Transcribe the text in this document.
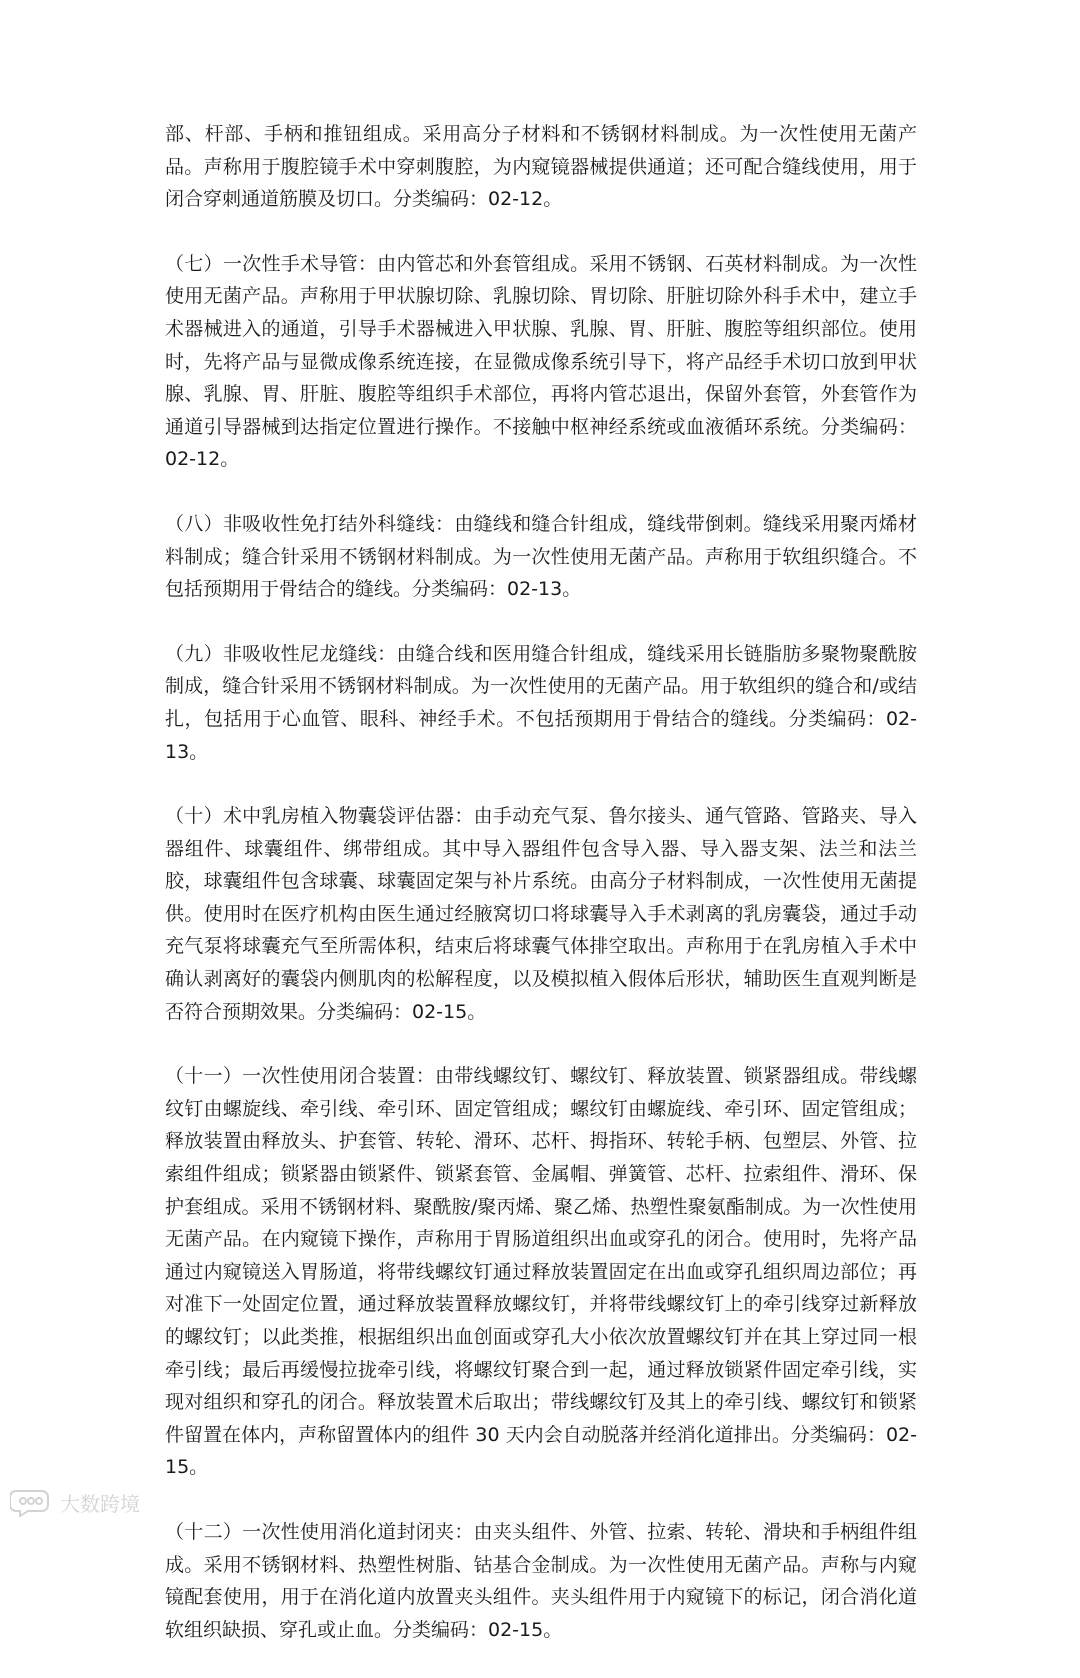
部、杆部、手柄和推钮组成。采用高分子材料和不锈钢材料制成。为一次性使用无菌产品。声称用于腹腔镜手术中穿刺腹腔，为内窥镜器械提供通道；还可配合缝线使用，用于闭合穿刺通道筋膜及切口。分类编码：02-12。

（七）一次性手术导管：由内管芯和外套管组成。采用不锈钢、石英材料制成。为一次性使用无菌产品。声称用于甲状腺切除、乳腺切除、胃切除、肝脏切除外科手术中，建立手术器械进入的通道，引导手术器械进入甲状腺、乳腺、胃、肝脏、腹腔等组织部位。使用时，先将产品与显微成像系统连接，在显微成像系统引导下，将产品经手术切口放到甲状腺、乳腺、胃、肝脏、腹腔等组织手术部位，再将内管芯退出，保留外套管，外套管作为通道引导器械到达指定位置进行操作。不接触中枢神经系统或血液循环系统。分类编码：02-12。

（八）非吸收性免打结外科缝线：由缝线和缝合针组成，缝线带倒刺。缝线采用聚丙烯材料制成；缝合针采用不锈钢材料制成。为一次性使用无菌产品。声称用于软组织缝合。不包括预期用于骨结合的缝线。分类编码：02-13。

（九）非吸收性尼龙缝线：由缝合线和医用缝合针组成，缝线采用长链脂肪多聚物聚酰胺制成，缝合针采用不锈钢材料制成。为一次性使用的无菌产品。用于软组织的缝合和/或结扎，包括用于心血管、眼科、神经手术。不包括预期用于骨结合的缝线。分类编码：02-13。

（十）术中乳房植入物囊袋评估器：由手动充气泵、鲁尔接头、通气管路、管路夹、导入器组件、球囊组件、绑带组成。其中导入器组件包含导入器、导入器支架、法兰和法兰胶，球囊组件包含球囊、球囊固定架与补片系统。由高分子材料制成，一次性使用无菌提供。使用时在医疗机构由医生通过经腋窝切口将球囊导入手术剥离的乳房囊袋，通过手动充气泵将球囊充气至所需体积，结束后将球囊气体排空取出。声称用于在乳房植入手术中确认剥离好的囊袋内侧肌肉的松解程度，以及模拟植入假体后形状，辅助医生直观判断是否符合预期效果。分类编码：02-15。

（十一）一次性使用闭合装置：由带线螺纹钉、螺纹钉、释放装置、锁紧器组成。带线螺纹钉由螺旋线、牵引线、牵引环、固定管组成；螺纹钉由螺旋线、牵引环、固定管组成；释放装置由释放头、护套管、转轮、滑环、芯杆、拇指环、转轮手柄、包塑层、外管、拉索组件组成；锁紧器由锁紧件、锁紧套管、金属帽、弹簧管、芯杆、拉索组件、滑环、保护套组成。采用不锈钢材料、聚酰胺/聚丙烯、聚乙烯、热塑性聚氨酯制成。为一次性使用无菌产品。在内窥镜下操作，声称用于胃肠道组织出血或穿孔的闭合。使用时，先将产品通过内窥镜送入胃肠道，将带线螺纹钉通过释放装置固定在出血或穿孔组织周边部位；再对准下一处固定位置，通过释放装置释放螺纹钉，并将带线螺纹钉上的牵引线穿过新释放的螺纹钉；以此类推，根据组织出血创面或穿孔大小依次放置螺纹钉并在其上穿过同一根牵引线；最后再缓慢拉拢牵引线，将螺纹钉聚合到一起，通过释放锁紧件固定牵引线，实现对组织和穿孔的闭合。释放装置术后取出；带线螺纹钉及其上的牵引线、螺纹钉和锁紧件留置在体内，声称留置体内的组件 30 天内会自动脱落并经消化道排出。分类编码：02-15。

（十二）一次性使用消化道封闭夹：由夹头组件、外管、拉索、转轮、滑块和手柄组件组成。采用不锈钢材料、热塑性树脂、钴基合金制成。为一次性使用无菌产品。声称与内窥镜配套使用，用于在消化道内放置夹头组件。夹头组件用于内窥镜下的标记，闭合消化道软组织缺损、穿孔或止血。分类编码：02-15。

大数跨境
